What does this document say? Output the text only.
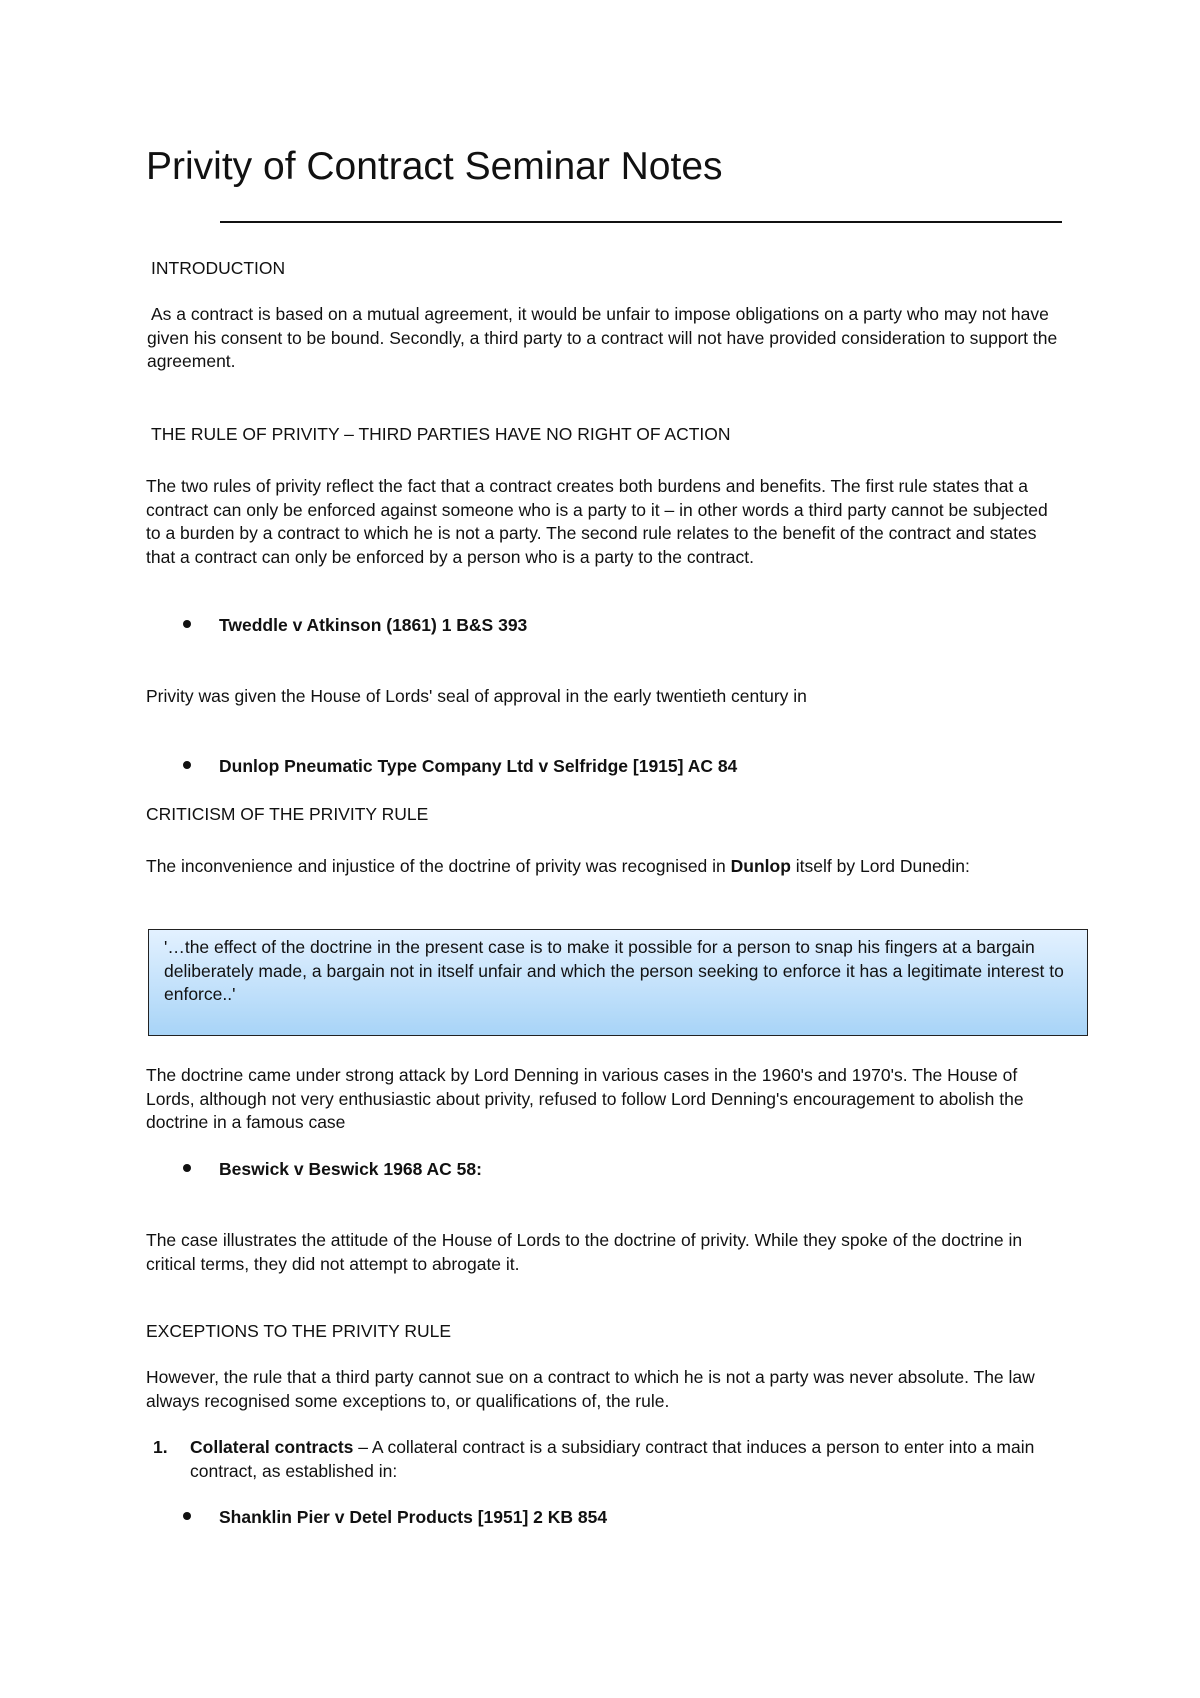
Privity of Contract Seminar Notes

INTRODUCTION

As a contract is based on a mutual agreement, it would be unfair to impose obligations on a party who may not have given his consent to be bound. Secondly, a third party to a contract will not have provided consideration to support the agreement.

THE RULE OF PRIVITY – THIRD PARTIES HAVE NO RIGHT OF ACTION

The two rules of privity reflect the fact that a contract creates both burdens and benefits. The first rule states that a contract can only be enforced against someone who is a party to it – in other words a third party cannot be subjected to a burden by a contract to which he is not a party. The second rule relates to the benefit of the contract and states that a contract can only be enforced by a person who is a party to the contract.

Tweddle v Atkinson (1861) 1 B&S 393

Privity was given the House of Lords' seal of approval in the early twentieth century in

Dunlop Pneumatic Type Company Ltd v Selfridge [1915] AC 84

CRITICISM OF THE PRIVITY RULE

The inconvenience and injustice of the doctrine of privity was recognised in Dunlop itself by Lord Dunedin:

'…the effect of the doctrine in the present case is to make it possible for a person to snap his fingers at a bargain deliberately made, a bargain not in itself unfair and which the person seeking to enforce it has a legitimate interest to enforce..'

The doctrine came under strong attack by Lord Denning in various cases in the 1960's and 1970's. The House of Lords, although not very enthusiastic about privity, refused to follow Lord Denning's encouragement to abolish the doctrine in a famous case

Beswick v Beswick 1968 AC 58:

The case illustrates the attitude of the House of Lords to the doctrine of privity. While they spoke of the doctrine in critical terms, they did not attempt to abrogate it.

EXCEPTIONS TO THE PRIVITY RULE

However, the rule that a third party cannot sue on a contract to which he is not a party was never absolute. The law always recognised some exceptions to, or qualifications of, the rule.

1. Collateral contracts – A collateral contract is a subsidiary contract that induces a person to enter into a main contract, as established in:

Shanklin Pier v Detel Products [1951] 2 KB 854
